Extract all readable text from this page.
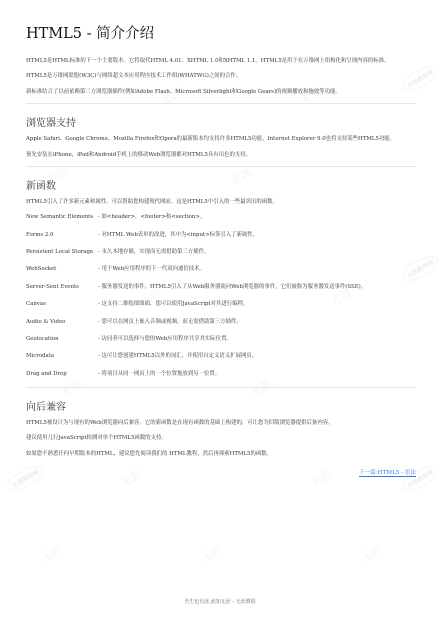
无涯	无涯
无涯	无涯
无涯	无涯
无涯	无涯
无涯	无涯
无涯	无涯	无涯
无涯教程网
无涯教程网
无涯教程网
无涯教程网
HTML5 - 简介介绍

HTML5是HTML标准的下一个主要版本。它将取代HTML 4.01、XHTML 1.0和XHTML 1.1。HTML5是用于在万维网上组构化和呈现内容的标准。

HTML5是万维网联盟(W3C)与网络超文本应用程序技术工作组(WHATWG)之间的合作。

新标准结合了以前依赖第三方浏览器插件(例如Adobe Flash、Microsoft Silverlight和Google Gears)的视频播放和拖放等功能。

浏览器支持

Apple Safari、Google Chrome、Mozilla Firefox和Opera的最新版本均支持许多HTML5功能，Internet Explorer 9.0也将支持某些HTML5功能。

预先安装在iPhone，iPad和Android手机上的移动Web浏览器都对HTML5具有出色的支持。

新函数

HTML5引入了许多新元素和属性，可以帮助您构建现代网站。这是HTML5中引入的一些最突出的函数。

New Semantic Elements - 如<header>，<footer>和<section>。
Forms 2.0	- 对HTML Web表单的改进，其中为<input>标签引入了新属性。
Persistent Local Storage - 永久本地存储，实现而无需借助第三方插件。
WebSocket	- 用于Web应用程序的下一代双向通信技术。
Server-Sent Events	- 服务器发送的事件，HTML5引入了从Web服务器流向Web浏览器的事件，它们被称为服务器发送事件(SSE)。
Canvas	- 这支持二维绘图图面，您可以使用JavaScript对其进行编程。
Audio & Video	- 您可以在网页上嵌入音频或视频，而无需借助第三方插件。
Geolocation	- 访问者可以选择与您的Web应用程序共享其实际位置。
Microdata	- 这可让您创建HTML5以外的词汇，并使用自定义语义扩展网页。
Drag and Drop	- 将项目从同一网页上的一个位置拖放到另一位置。
向后兼容

HTML5被设计为与现有的Web浏览器向后兼容，它的新函数是在现有函数的基础上构建的，可让您为旧版浏览器提供后备内容。

建议使用几行JavaScript检测对单个HTML5函数的支持。

如果您不熟悉任何早期版本的HTML，建议您先阅读我们的 HTML教程，然后再探索HTML5的函数。

下一篇:HTML5 - 语法
吾生也有涯,而知无涯 - 无涯教程
